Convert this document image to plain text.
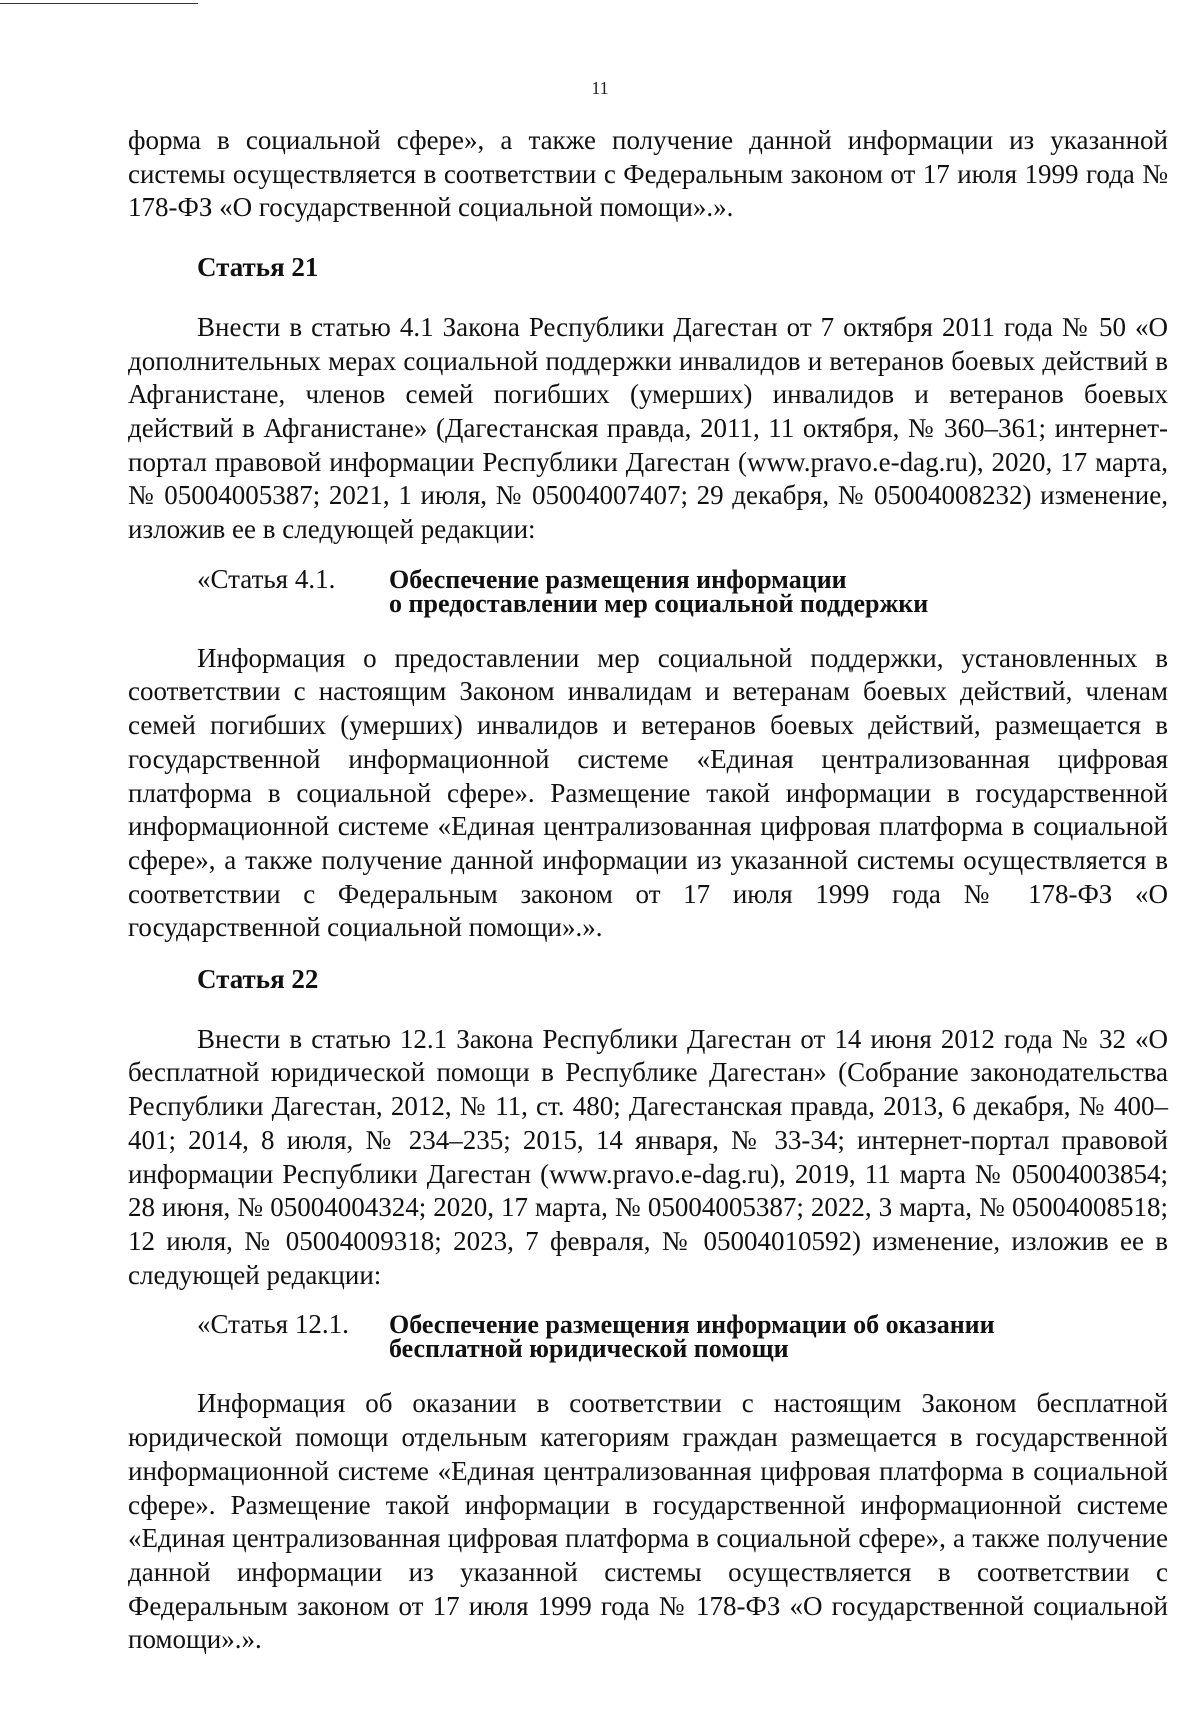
11

форма в социальной сфере», а также получение данной информации из указанной системы осуществляется в соответствии с Федеральным законом от 17 июля 1999 года № 178-ФЗ «О государственной социальной помощи».».

Статья 21

Внести в статью 4.1 Закона Республики Дагестан от 7 октября 2011 года № 50 «О дополнительных мерах социальной поддержки инвалидов и ветеранов боевых действий в Афганистане, членов семей погибших (умерших) инвалидов и ветеранов боевых действий в Афганистане» (Дагестанская правда, 2011, 11 октября, № 360–361; интернет-портал правовой информации Республики Дагестан (www.pravo.e-dag.ru), 2020, 17 марта, № 05004005387; 2021, 1 июля, № 05004007407; 29 декабря, № 05004008232) изменение, изложив ее в следующей редакции:

«Статья 4.1.	Обеспечение размещения информации
о предоставлении мер социальной поддержки

Информация о предоставлении мер социальной поддержки, установленных в соответствии с настоящим Законом инвалидам и ветеранам боевых действий, членам семей погибших (умерших) инвалидов и ветеранов боевых действий, размещается в государственной информационной системе «Единая централизованная цифровая платформа в социальной сфере». Размещение такой информации в государственной информационной системе «Единая централизованная цифровая платформа в социальной сфере», а также получение данной информации из указанной системы осуществляется в соответствии с Федеральным законом от 17 июля 1999 года № 178-ФЗ «О государственной социальной помощи».».

Статья 22

Внести в статью 12.1 Закона Республики Дагестан от 14 июня 2012 года № 32 «О бесплатной юридической помощи в Республике Дагестан» (Собрание законодательства Республики Дагестан, 2012, № 11, ст. 480; Дагестанская правда, 2013, 6 декабря, № 400–401; 2014, 8 июля, № 234–235; 2015, 14 января, № 33-34; интернет-портал правовой информации Республики Дагестан (www.pravo.e-dag.ru), 2019, 11 марта № 05004003854; 28 июня, № 05004004324; 2020, 17 марта, № 05004005387; 2022, 3 марта, № 05004008518; 12 июля, № 05004009318; 2023, 7 февраля, № 05004010592) изменение, изложив ее в следующей редакции:

«Статья 12.1.	Обеспечение размещения информации об оказании
бесплатной юридической помощи

Информация об оказании в соответствии с настоящим Законом бесплатной юридической помощи отдельным категориям граждан размещается в государственной информационной системе «Единая централизованная цифровая платформа в социальной сфере». Размещение такой информации в государственной информационной системе «Единая централизованная цифровая платформа в социальной сфере», а также получение данной информации из указанной системы осуществляется в соответствии с Федеральным законом от 17 июля 1999 года № 178-ФЗ «О государственной социальной помощи».».
